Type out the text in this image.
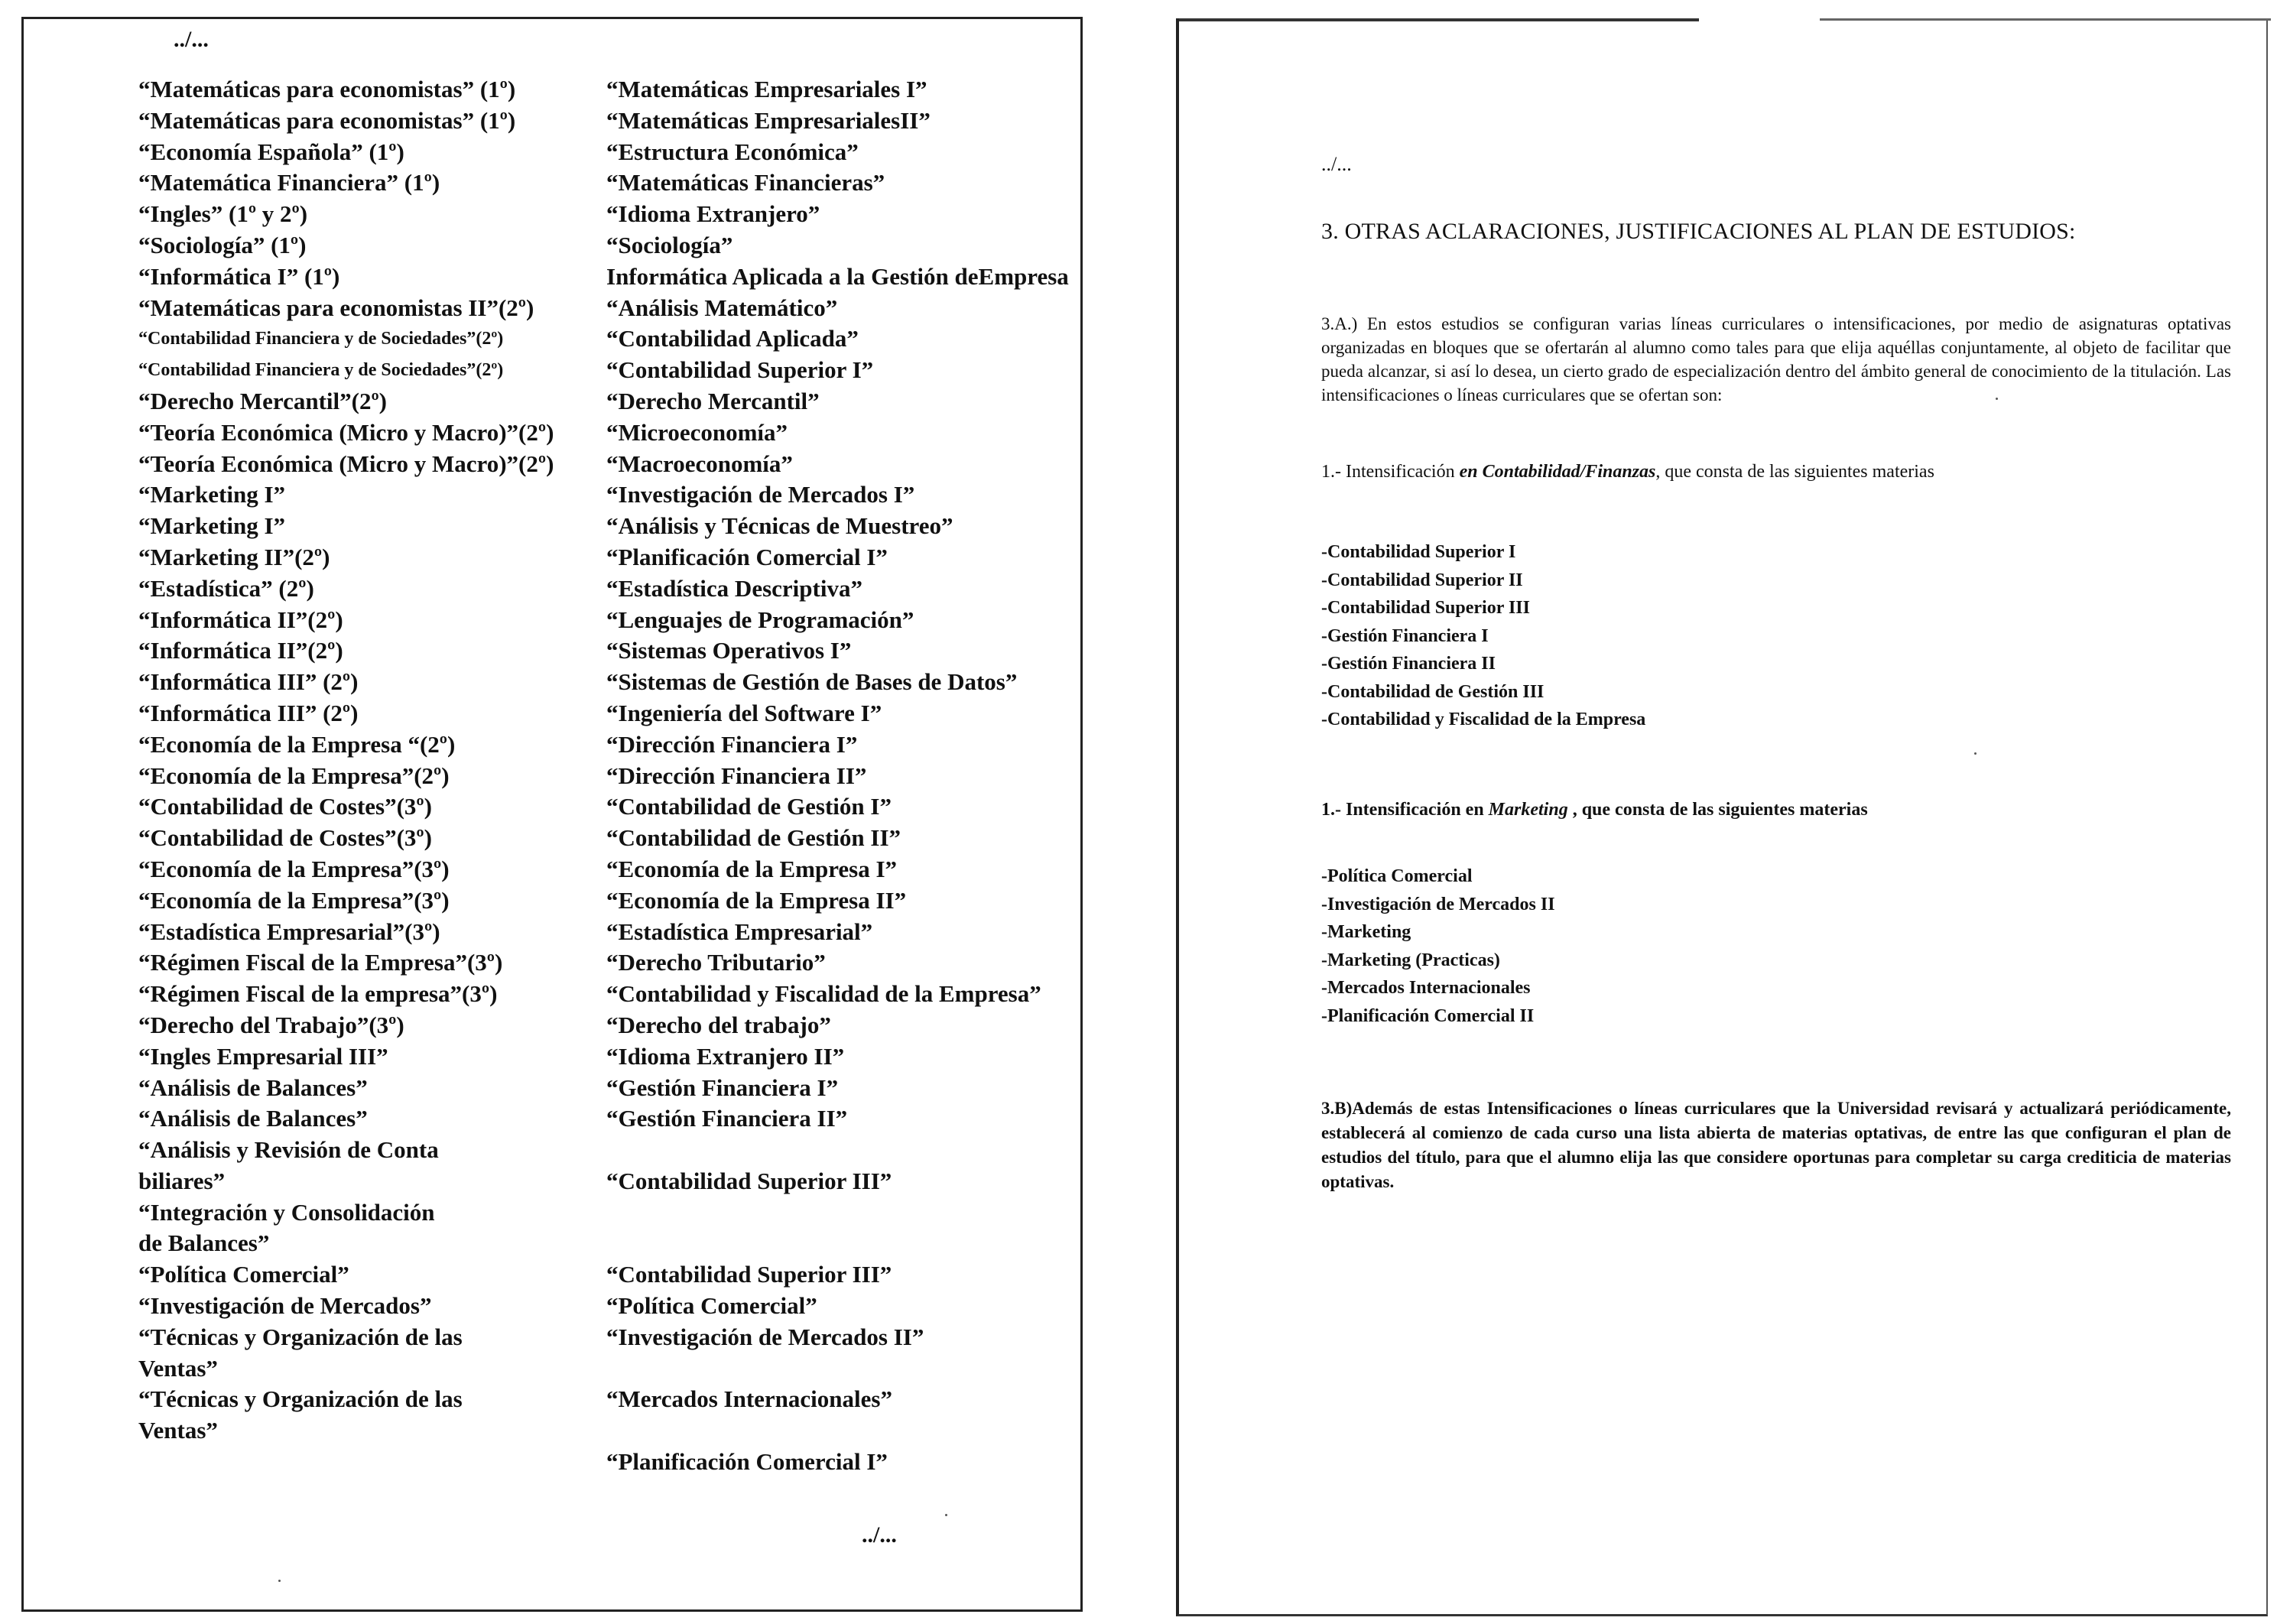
../...
“Matemáticas para economistas” (1º)
“Matemáticas para economistas” (1º)
“Economía Española” (1º)
“Matemática Financiera” (1º)
“Ingles” (1º y 2º)
“Sociología” (1º)
“Informática I” (1º)
“Matemáticas para economistas II”(2º)
“Contabilidad Financiera y de Sociedades”(2º)
“Contabilidad Financiera y de Sociedades”(2º)
“Derecho Mercantil”(2º)
“Teoría Económica (Micro y Macro)”(2º)
“Teoría Económica (Micro y Macro)”(2º)
“Marketing I”
“Marketing I”
“Marketing II”(2º)
“Estadística” (2º)
“Informática II”(2º)
“Informática II”(2º)
“Informática III” (2º)
“Informática III” (2º)
“Economía de la Empresa “(2º)
“Economía de la Empresa”(2º)
“Contabilidad de Costes”(3º)
“Contabilidad de Costes”(3º)
“Economía de la Empresa”(3º)
“Economía de la Empresa”(3º)
“Estadística Empresarial”(3º)
“Régimen Fiscal de la Empresa”(3º)
“Régimen Fiscal de la empresa”(3º)
“Derecho del Trabajo”(3º)
“Ingles Empresarial III”
“Análisis de Balances”
“Análisis de Balances”
“Análisis y Revisión de Conta
biliares”
“Integración y Consolidación
de Balances”
“Política Comercial”
“Investigación de Mercados”
“Técnicas y Organización de las
Ventas”
“Técnicas y Organización de las
Ventas”
“Matemáticas Empresariales I”
“Matemáticas EmpresarialesII”
“Estructura Económica”
“Matemáticas Financieras”
“Idioma Extranjero”
“Sociología”
Informática Aplicada a la Gestión deEmpresa
“Análisis Matemático”
“Contabilidad Aplicada”
“Contabilidad Superior I”
“Derecho Mercantil”
“Microeconomía”
“Macroeconomía”
“Investigación de Mercados I”
“Análisis y Técnicas de Muestreo”
“Planificación Comercial I”
“Estadística Descriptiva”
“Lenguajes de Programación”
“Sistemas Operativos I”
“Sistemas de Gestión de Bases de Datos”
“Ingeniería del Software I”
“Dirección Financiera I”
“Dirección Financiera II”
“Contabilidad de Gestión I”
“Contabilidad de Gestión II”
“Economía de la Empresa I”
“Economía de la Empresa II”
“Estadística Empresarial”
“Derecho Tributario”
“Contabilidad y Fiscalidad de la Empresa”
“Derecho del trabajo”
“Idioma Extranjero II”
“Gestión Financiera I”
“Gestión Financiera II”
“Contabilidad Superior III”
“Contabilidad Superior III”
“Política Comercial”
“Investigación de Mercados II”
“Mercados Internacionales”
“Planificación Comercial I”
../...
../...
3. OTRAS ACLARACIONES, JUSTIFICACIONES AL PLAN DE ESTUDIOS:
3.A.) En estos estudios se configuran varias líneas curriculares o intensificaciones, por medio de asignaturas optativas organizadas en bloques que se ofertarán al alumno como tales para que elija aquéllas conjuntamente, al objeto de facilitar que pueda alcanzar, si así lo desea, un cierto grado de especialización dentro del ámbito general de conocimiento de la titulación. Las intensificaciones o líneas curriculares que se ofertan son:
1.- Intensificación en Contabilidad/Finanzas, que consta de las siguientes materias
-Contabilidad Superior I
-Contabilidad Superior II
-Contabilidad Superior III
-Gestión Financiera I
-Gestión Financiera II
-Contabilidad de Gestión III
-Contabilidad y Fiscalidad de la Empresa
1.- Intensificación en Marketing , que consta de las siguientes materias
-Política Comercial
-Investigación de Mercados II
-Marketing
-Marketing (Practicas)
-Mercados Internacionales
-Planificación Comercial II
3.B)Además de estas Intensificaciones o líneas curriculares que la Universidad revisará y actualizará periódicamente, establecerá al comienzo de cada curso una lista abierta de materias optativas, de entre las que configuran el plan de estudios del título, para que el alumno elija las que considere oportunas para completar su carga crediticia de materias optativas.
